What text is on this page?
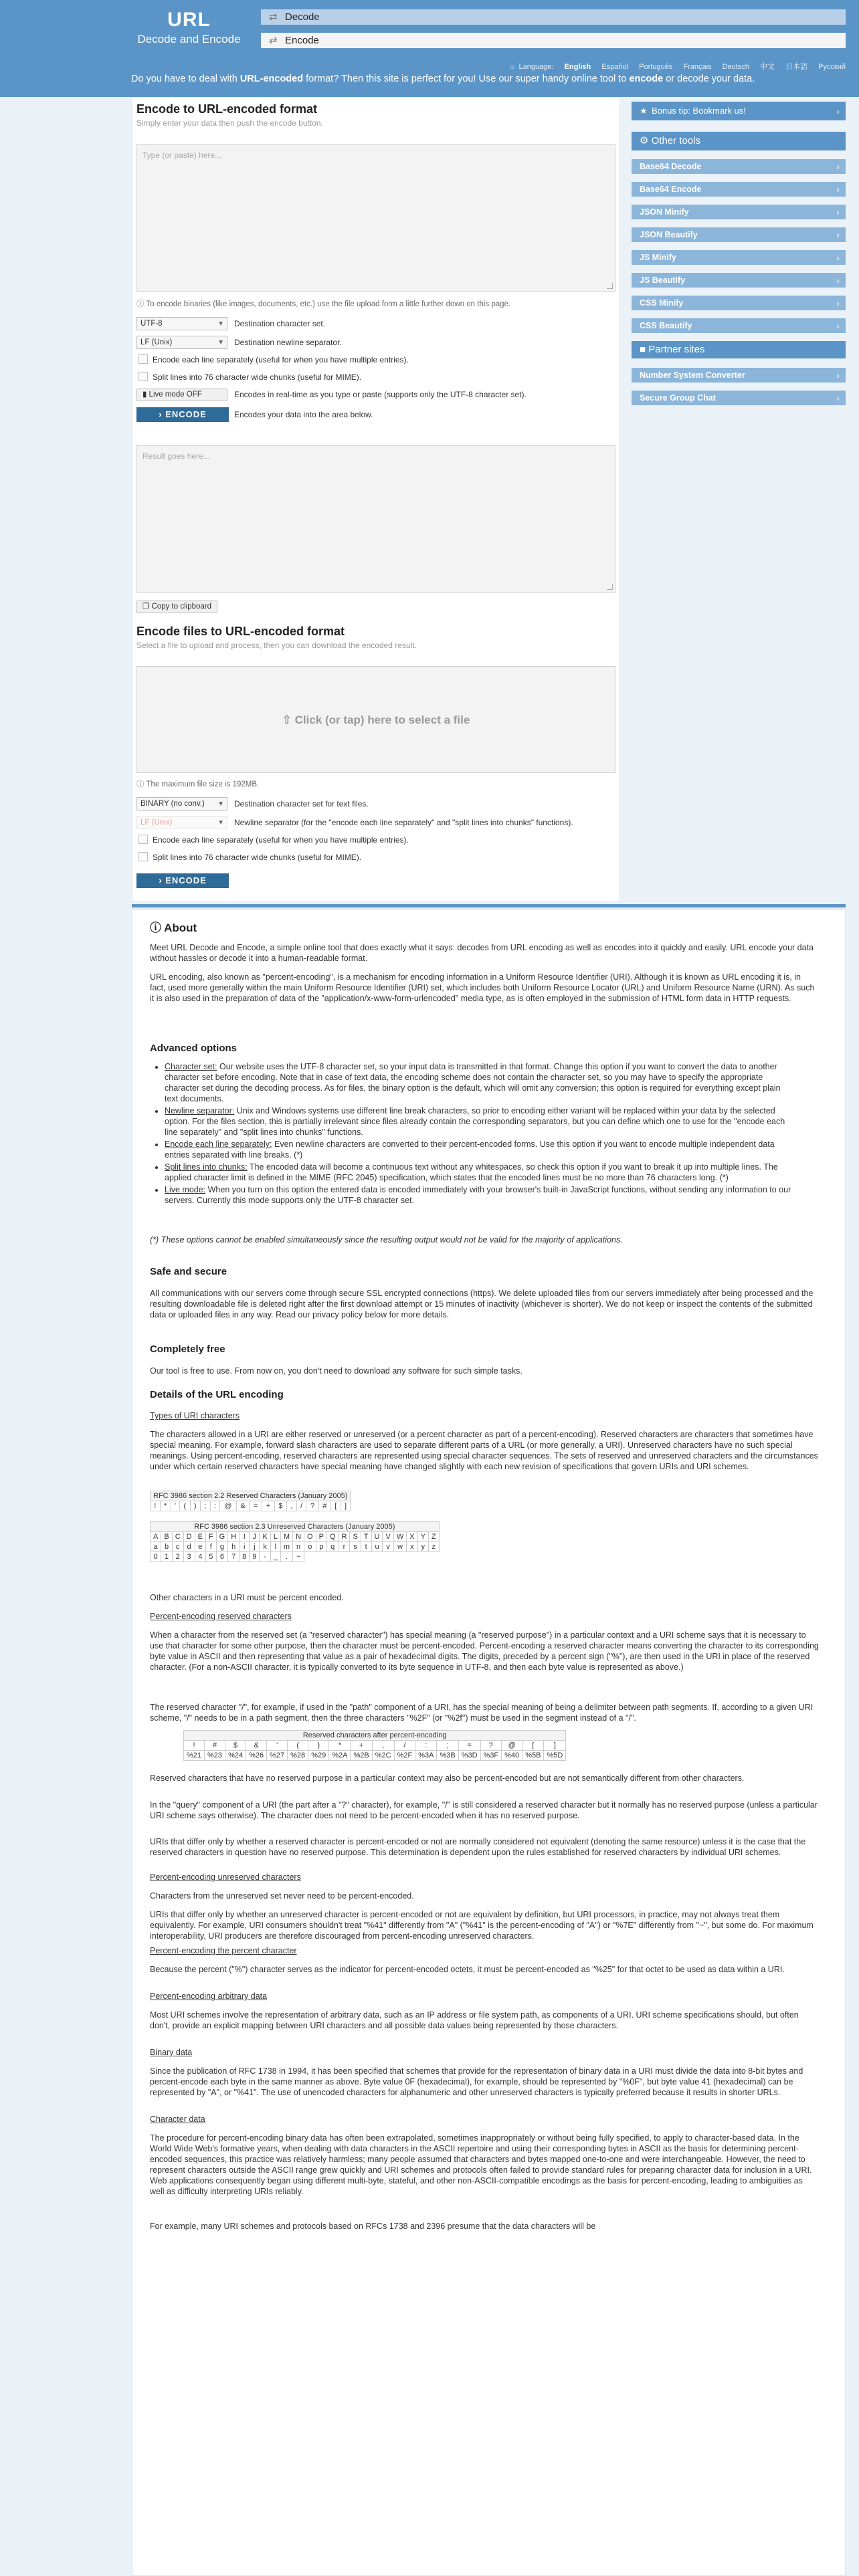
URL
Decode and Encode
⇄ Decode
⇄ Encode
☼ Language: English Español Português Français Deutsch 中文 日本語 Русский
Do you have to deal with URL-encoded format? Then this site is perfect for you! Use our super handy online tool to encode or decode your data.
Encode to URL-encoded format
Simply enter your data then push the encode button.
Type (or paste) here...
ⓘ To encode binaries (like images, documents, etc.) use the file upload form a little further down on this page.
UTF-8 ▾	Destination character set.
LF (Unix) ▾	Destination newline separator.
Encode each line separately (useful for when you have multiple entries).
Split lines into 76 character wide chunks (useful for MIME).
▮ Live mode OFF	Encodes in real-time as you type or paste (supports only the UTF-8 character set).
› ENCODE	Encodes your data into the area below.
Result goes here...
❐ Copy to clipboard
Encode files to URL-encoded format
Select a file to upload and process, then you can download the encoded result.
⇧ Click (or tap) here to select a file
ⓘ The maximum file size is 192MB.
BINARY (no conv.) ▾	Destination character set for text files.
LF (Unix) ▾	Newline separator (for the "encode each line separately" and "split lines into chunks" functions).
Encode each line separately (useful for when you have multiple entries).
Split lines into 76 character wide chunks (useful for MIME).
› ENCODE
★ Bonus tip: Bookmark us! ›
⚙ Other tools
Base64 Decode ›
Base64 Encode ›
JSON Minify ›
JSON Beautify ›
JS Minify ›
JS Beautify ›
CSS Minify ›
CSS Beautify ›
■ Partner sites
Number System Converter ›
Secure Group Chat ›
ⓘ About
Meet URL Decode and Encode, a simple online tool that does exactly what it says: decodes from URL encoding as well as encodes into it quickly and easily. URL encode your data without hassles or decode it into a human-readable format.
URL encoding, also known as "percent-encoding", is a mechanism for encoding information in a Uniform Resource Identifier (URI). Although it is known as URL encoding it is, in fact, used more generally within the main Uniform Resource Identifier (URI) set, which includes both Uniform Resource Locator (URL) and Uniform Resource Name (URN). As such it is also used in the preparation of data of the "application/x-www-form-urlencoded" media type, as is often employed in the submission of HTML form data in HTTP requests.
Advanced options
• Character set: Our website uses the UTF-8 character set, so your input data is transmitted in that format. Change this option if you want to convert the data to another character set before encoding. Note that in case of text data, the encoding scheme does not contain the character set, so you may have to specify the appropriate character set during the decoding process. As for files, the binary option is the default, which will omit any conversion; this option is required for everything except plain text documents.
• Newline separator: Unix and Windows systems use different line break characters, so prior to encoding either variant will be replaced within your data by the selected option. For the files section, this is partially irrelevant since files already contain the corresponding separators, but you can define which one to use for the "encode each line separately" and "split lines into chunks" functions.
• Encode each line separately: Even newline characters are converted to their percent-encoded forms. Use this option if you want to encode multiple independent data entries separated with line breaks. (*)
• Split lines into chunks: The encoded data will become a continuous text without any whitespaces, so check this option if you want to break it up into multiple lines. The applied character limit is defined in the MIME (RFC 2045) specification, which states that the encoded lines must be no more than 76 characters long. (*)
• Live mode: When you turn on this option the entered data is encoded immediately with your browser's built-in JavaScript functions, without sending any information to our servers. Currently this mode supports only the UTF-8 character set.
(*) These options cannot be enabled simultaneously since the resulting output would not be valid for the majority of applications.
Safe and secure
All communications with our servers come through secure SSL encrypted connections (https). We delete uploaded files from our servers immediately after being processed and the resulting downloadable file is deleted right after the first download attempt or 15 minutes of inactivity (whichever is shorter). We do not keep or inspect the contents of the submitted data or uploaded files in any way. Read our privacy policy below for more details.
Completely free
Our tool is free to use. From now on, you don't need to download any software for such simple tasks.
Details of the URL encoding
Types of URI characters
The characters allowed in a URI are either reserved or unreserved (or a percent character as part of a percent-encoding). Reserved characters are characters that sometimes have special meaning. For example, forward slash characters are used to separate different parts of a URL (or more generally, a URI). Unreserved characters have no such special meanings. Using percent-encoding, reserved characters are represented using special character sequences. The sets of reserved and unreserved characters and the circumstances under which certain reserved characters have special meaning have changed slightly with each new revision of specifications that govern URIs and URI schemes.
RFC 3986 section 2.2 Reserved Characters (January 2005)
!	*	'	(	)	;	:	@	&	=	+	$	,	/	?	#	[	]
RFC 3986 section 2.3 Unreserved Characters (January 2005)																									
A	B	C	D	E	F	G	H	I	J	K	L	M	N	O	P	Q	R	S	T	U	V	W	X	Y	Z
a	b	c	d	e	f	g	h	i	j	k	l	m	n	o	p	q	r	s	t	u	v	w	x	y	z
0	1	2	3	4	5	6	7	8	9	-	_	.	~												
Other characters in a URI must be percent encoded.
Percent-encoding reserved characters
When a character from the reserved set (a "reserved character") has special meaning (a "reserved purpose") in a particular context and a URI scheme says that it is necessary to use that character for some other purpose, then the character must be percent-encoded. Percent-encoding a reserved character means converting the character to its corresponding byte value in ASCII and then representing that value as a pair of hexadecimal digits. The digits, preceded by a percent sign ("%"), are then used in the URI in place of the reserved character. (For a non-ASCII character, it is typically converted to its byte sequence in UTF-8, and then each byte value is represented as above.)
The reserved character "/", for example, if used in the "path" component of a URI, has the special meaning of being a delimiter between path segments. If, according to a given URI scheme, "/" needs to be in a path segment, then the three characters "%2F" (or "%2f") must be used in the segment instead of a "/".
Reserved characters after percent-encoding																	
!	#	$	&	'	(	)	*	+	,	/	:	;	=	?	@	[	]
%21	%23	%24	%26	%27	%28	%29	%2A	%2B	%2C	%2F	%3A	%3B	%3D	%3F	%40	%5B	%5D
Reserved characters that have no reserved purpose in a particular context may also be percent-encoded but are not semantically different from other characters.
In the "query" component of a URI (the part after a "?" character), for example, "/" is still considered a reserved character but it normally has no reserved purpose (unless a particular URI scheme says otherwise). The character does not need to be percent-encoded when it has no reserved purpose.
URIs that differ only by whether a reserved character is percent-encoded or not are normally considered not equivalent (denoting the same resource) unless it is the case that the reserved characters in question have no reserved purpose. This determination is dependent upon the rules established for reserved characters by individual URI schemes.
Percent-encoding unreserved characters
Characters from the unreserved set never need to be percent-encoded.
URIs that differ only by whether an unreserved character is percent-encoded or not are equivalent by definition, but URI processors, in practice, may not always treat them equivalently. For example, URI consumers shouldn't treat "%41" differently from "A" ("%41" is the percent-encoding of "A") or "%7E" differently from "~", but some do. For maximum interoperability, URI producers are therefore discouraged from percent-encoding unreserved characters.
Percent-encoding the percent character
Because the percent ("%") character serves as the indicator for percent-encoded octets, it must be percent-encoded as "%25" for that octet to be used as data within a URI.
Percent-encoding arbitrary data
Most URI schemes involve the representation of arbitrary data, such as an IP address or file system path, as components of a URI. URI scheme specifications should, but often don't, provide an explicit mapping between URI characters and all possible data values being represented by those characters.
Binary data
Since the publication of RFC 1738 in 1994, it has been specified that schemes that provide for the representation of binary data in a URI must divide the data into 8-bit bytes and percent-encode each byte in the same manner as above. Byte value 0F (hexadecimal), for example, should be represented by "%0F", but byte value 41 (hexadecimal) can be represented by "A", or "%41". The use of unencoded characters for alphanumeric and other unreserved characters is typically preferred because it results in shorter URLs.
Character data
The procedure for percent-encoding binary data has often been extrapolated, sometimes inappropriately or without being fully specified, to apply to character-based data. In the World Wide Web's formative years, when dealing with data characters in the ASCII repertoire and using their corresponding bytes in ASCII as the basis for determining percent-encoded sequences, this practice was relatively harmless; many people assumed that characters and bytes mapped one-to-one and were interchangeable. However, the need to represent characters outside the ASCII range grew quickly and URI schemes and protocols often failed to provide standard rules for preparing character data for inclusion in a URI. Web applications consequently began using different multi-byte, stateful, and other non-ASCII-compatible encodings as the basis for percent-encoding, leading to ambiguities as well as difficulty interpreting URIs reliably.
For example, many URI schemes and protocols based on RFCs 1738 and 2396 presume that the data characters will be
